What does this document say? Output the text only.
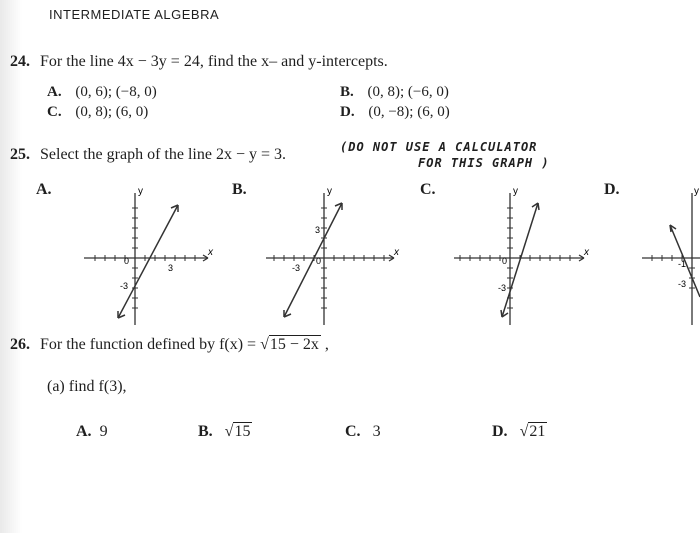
INTERMEDIATE ALGEBRA
24. For the line 4x − 3y = 24, find the x– and y-intercepts.
A. (0, 6); (−8, 0)	B. (0, 8); (−6, 0)
C. (0, 8); (6, 0)	D. (0, −8); (6, 0)
25. Select the graph of the line 2x − y = 3.	(DO NOT USE A CALCULATOR
FOR THIS GRAPH )
A.	B.	C.	D.
y
x
3
0
-3
y
x
-3
0
3
y
x
0
-3
y
-1
-3
26. For the function defined by f(x) = √15 − 2x ,
(a) find f(3),
A. 9	B. √15	C. 3	D. √21
